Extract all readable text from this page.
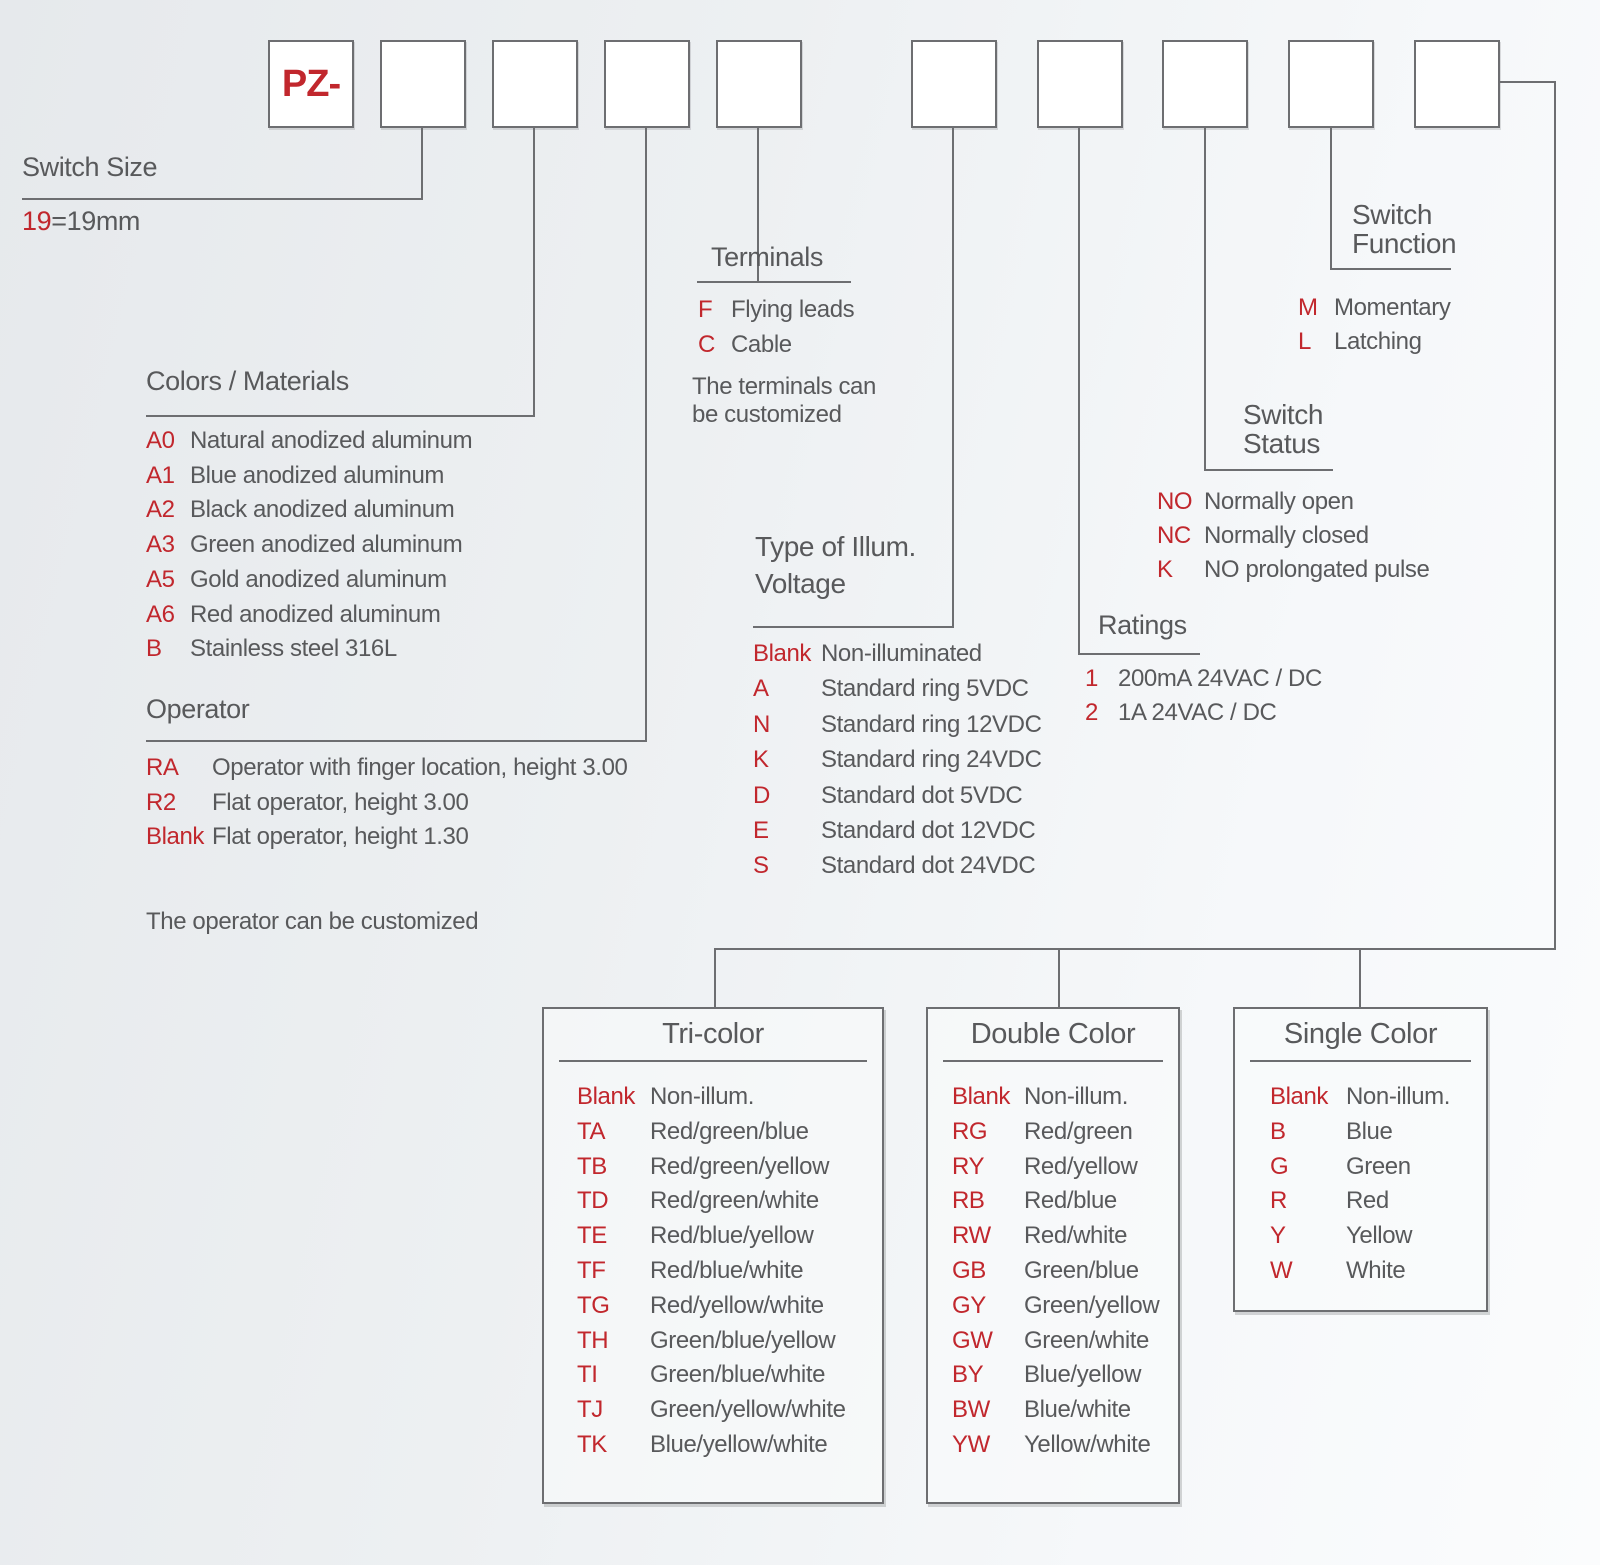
PZ-
Switch Size
19=19mm
Colors / Materials
A0 Natural anodized aluminum
A1 Blue anodized aluminum
A2 Black anodized aluminum
A3 Green anodized aluminum
A5 Gold anodized aluminum
A6 Red anodized aluminum
B	Stainless steel 316L
Operator
RA	Operator with finger location, height 3.00
R2	Flat operator, height 3.00
Blank Flat operator, height 1.30
The operator can be customized
Terminals
F Flying leads
C Cable
The terminals can be customized
Type of Illum.
Voltage
Blank Non-illuminated
A	Standard ring 5VDC
N	Standard ring 12VDC
K	Standard ring 24VDC
D	Standard dot 5VDC
E	Standard dot 12VDC
S	Standard dot 24VDC
Ratings
1 200mA 24VAC / DC
2 1A 24VAC / DC
Switch
Status
NO Normally open
NC Normally closed
K	NO prolongated pulse
Switch
Function
M Momentary
L Latching
Tri-color
Blank Non-illum.
TA	Red/green/blue
TB	Red/green/yellow
TD	Red/green/white
TE	Red/blue/yellow
TF	Red/blue/white
TG	Red/yellow/white
TH	Green/blue/yellow
TI	Green/blue/white
TJ	Green/yellow/white
TK	Blue/yellow/white
Double Color
Blank Non-illum.
RG	Red/green
RY	Red/yellow
RB	Red/blue
RW	Red/white
GB	Green/blue
GY	Green/yellow
GW	Green/white
BY	Blue/yellow
BW	Blue/white
YW	Yellow/white
Single Color
Blank Non-illum.
B	Blue
G	Green
R	Red
Y	Yellow
W	White
